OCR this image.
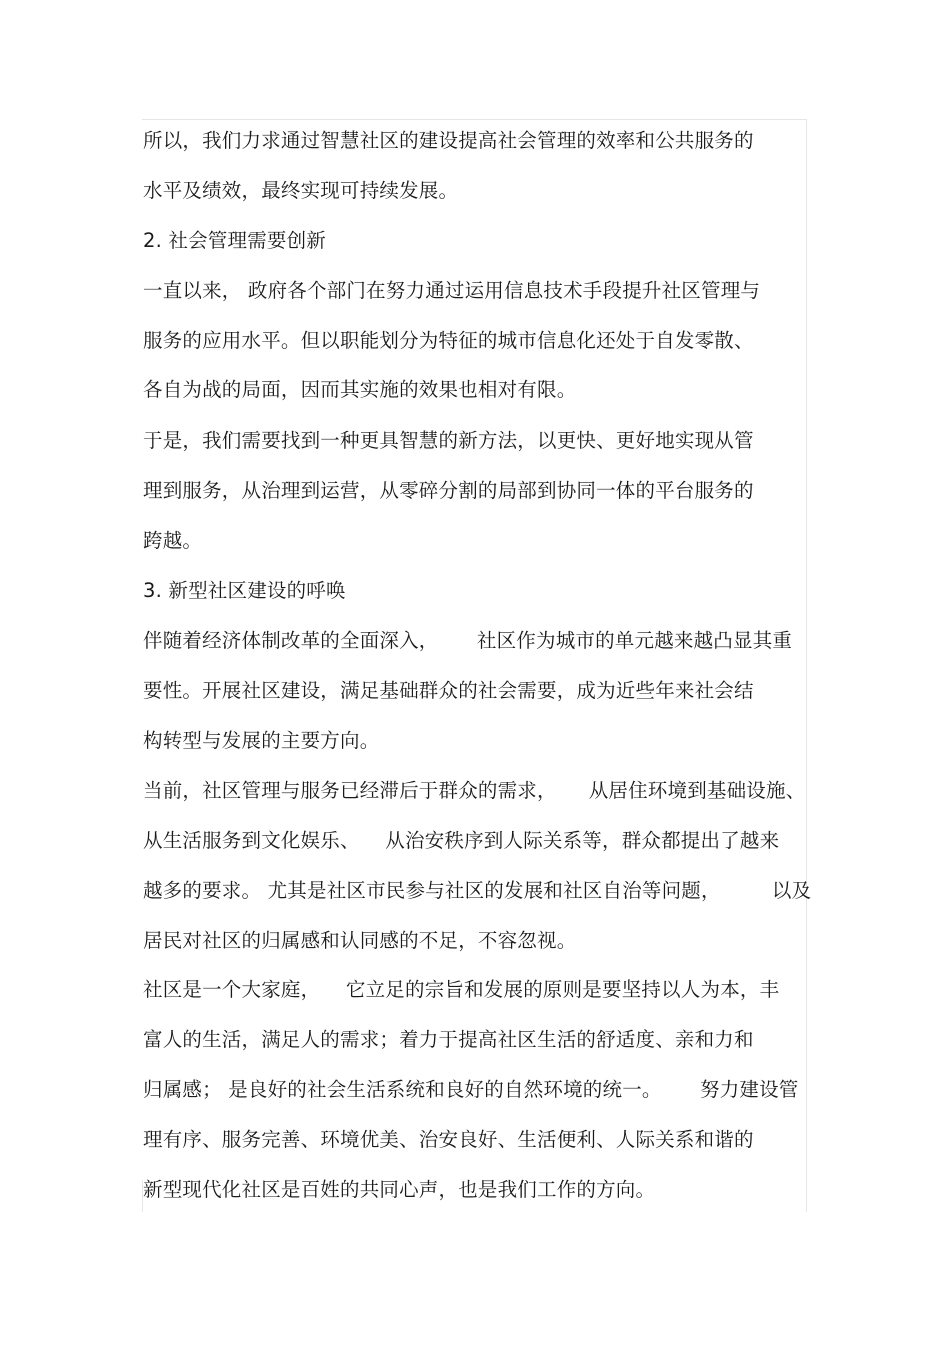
所以，我们力求通过智慧社区的建设提高社会管理的效率和公共服务的
水平及绩效，最终实现可持续发展。
2. 社会管理需要创新
一直以来， 政府各个部门在努力通过运用信息技术手段提升社区管理与
服务的应用水平。但以职能划分为特征的城市信息化还处于自发零散、
各自为战的局面，因而其实施的效果也相对有限。
于是，我们需要找到一种更具智慧的新方法，以更快、更好地实现从管
理到服务，从治理到运营，从零碎分割的局部到协同一体的平台服务的
跨越。
3. 新型社区建设的呼唤
伴随着经济体制改革的全面深入，      社区作为城市的单元越来越凸显其重
要性。开展社区建设，满足基础群众的社会需要，成为近些年来社会结
构转型与发展的主要方向。
当前，社区管理与服务已经滞后于群众的需求，     从居住环境到基础设施、
从生活服务到文化娱乐、    从治安秩序到人际关系等，群众都提出了越来
越多的要求。 尤其是社区市民参与社区的发展和社区自治等问题，        以及
居民对社区的归属感和认同感的不足，不容忽视。
社区是一个大家庭，    它立足的宗旨和发展的原则是要坚持以人为本，丰
富人的生活，满足人的需求；着力于提高社区生活的舒适度、亲和力和
归属感； 是良好的社会生活系统和良好的自然环境的统一。      努力建设管
理有序、服务完善、环境优美、治安良好、生活便利、人际关系和谐的
新型现代化社区是百姓的共同心声，也是我们工作的方向。
